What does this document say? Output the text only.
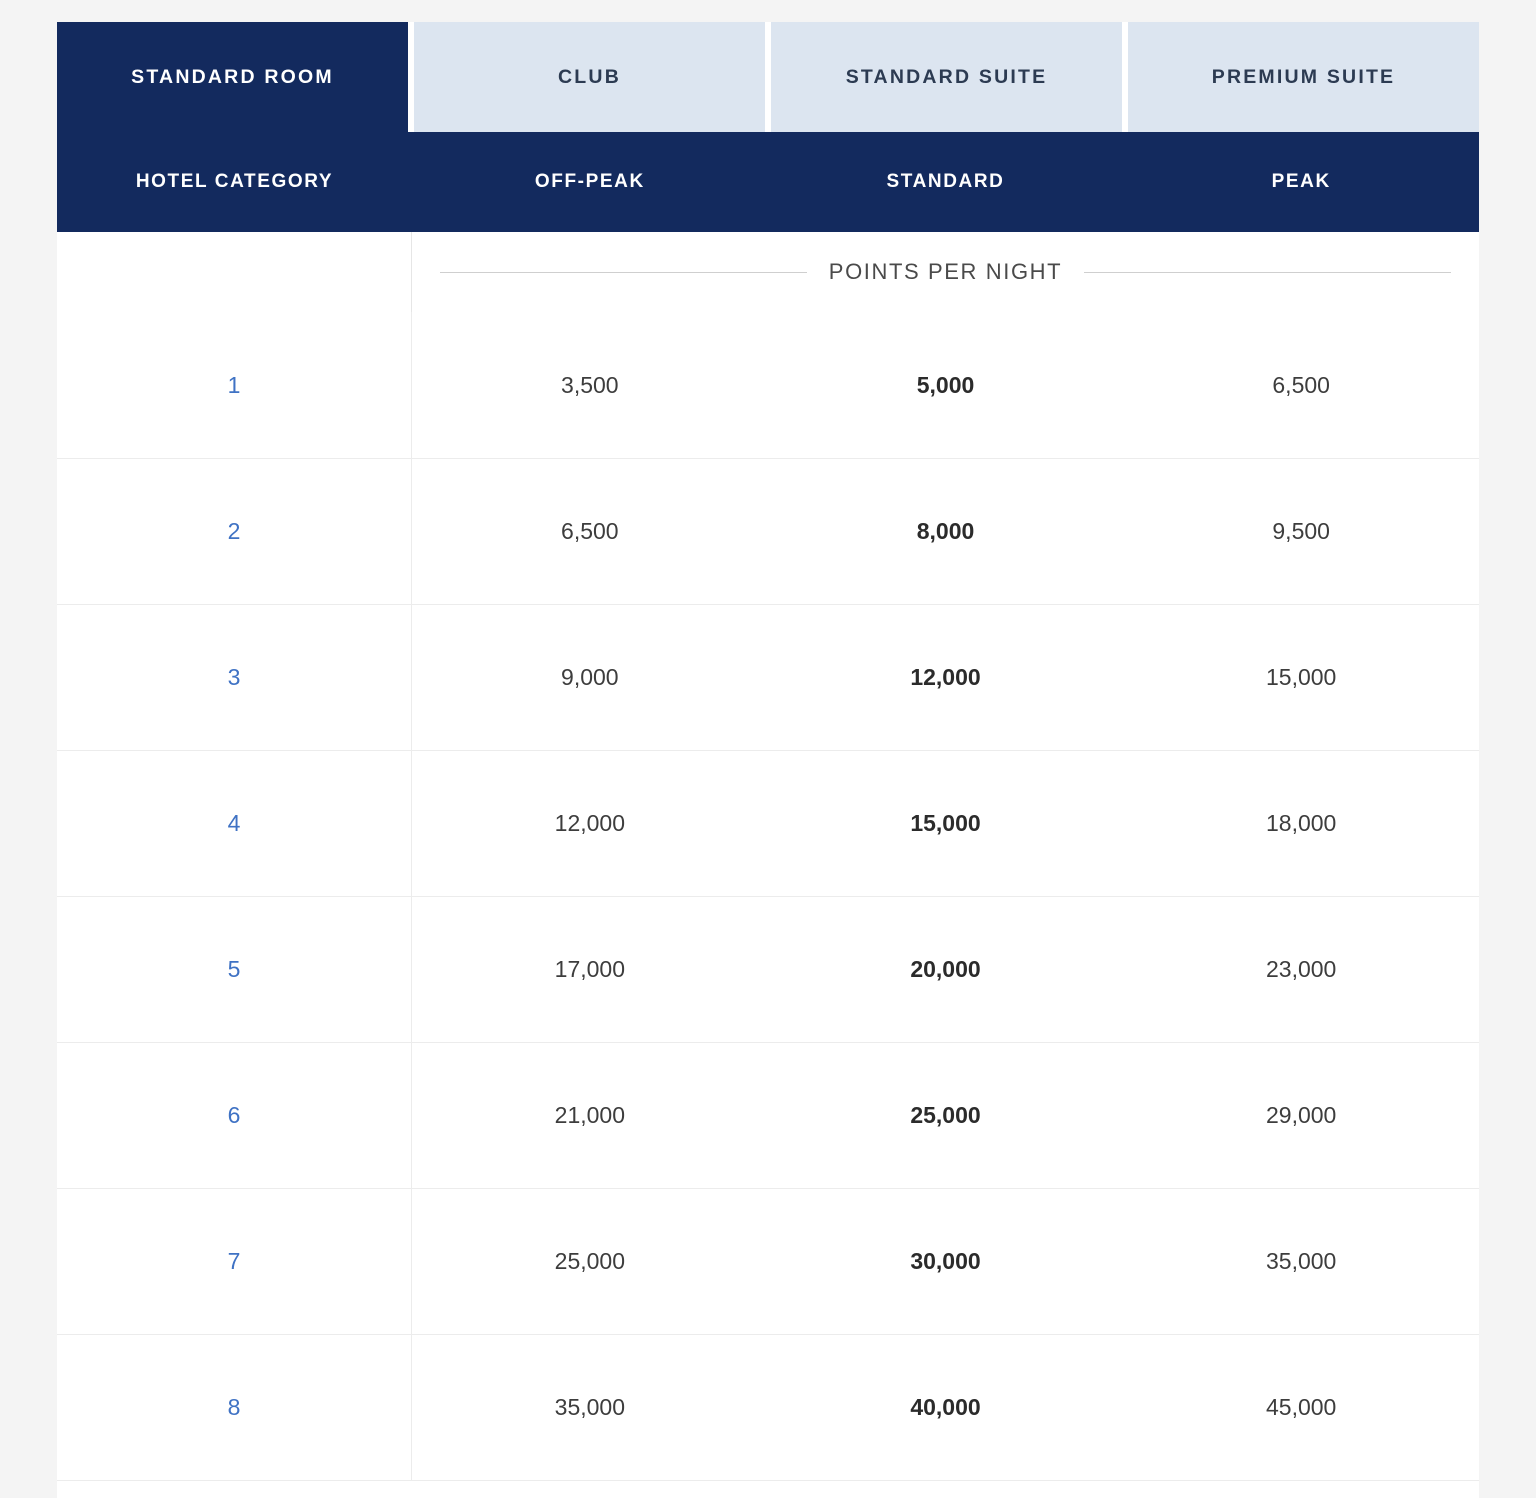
STANDARD ROOM	CLUB	STANDARD SUITE	PREMIUM SUITE
HOTEL CATEGORY	OFF-PEAK	STANDARD	PEAK
POINTS PER NIGHT
1	3,500	5,000	6,500
2	6,500	8,000	9,500
3	9,000	12,000	15,000
4	12,000	15,000	18,000
5	17,000	20,000	23,000
6	21,000	25,000	29,000
7	25,000	30,000	35,000
8	35,000	40,000	45,000
